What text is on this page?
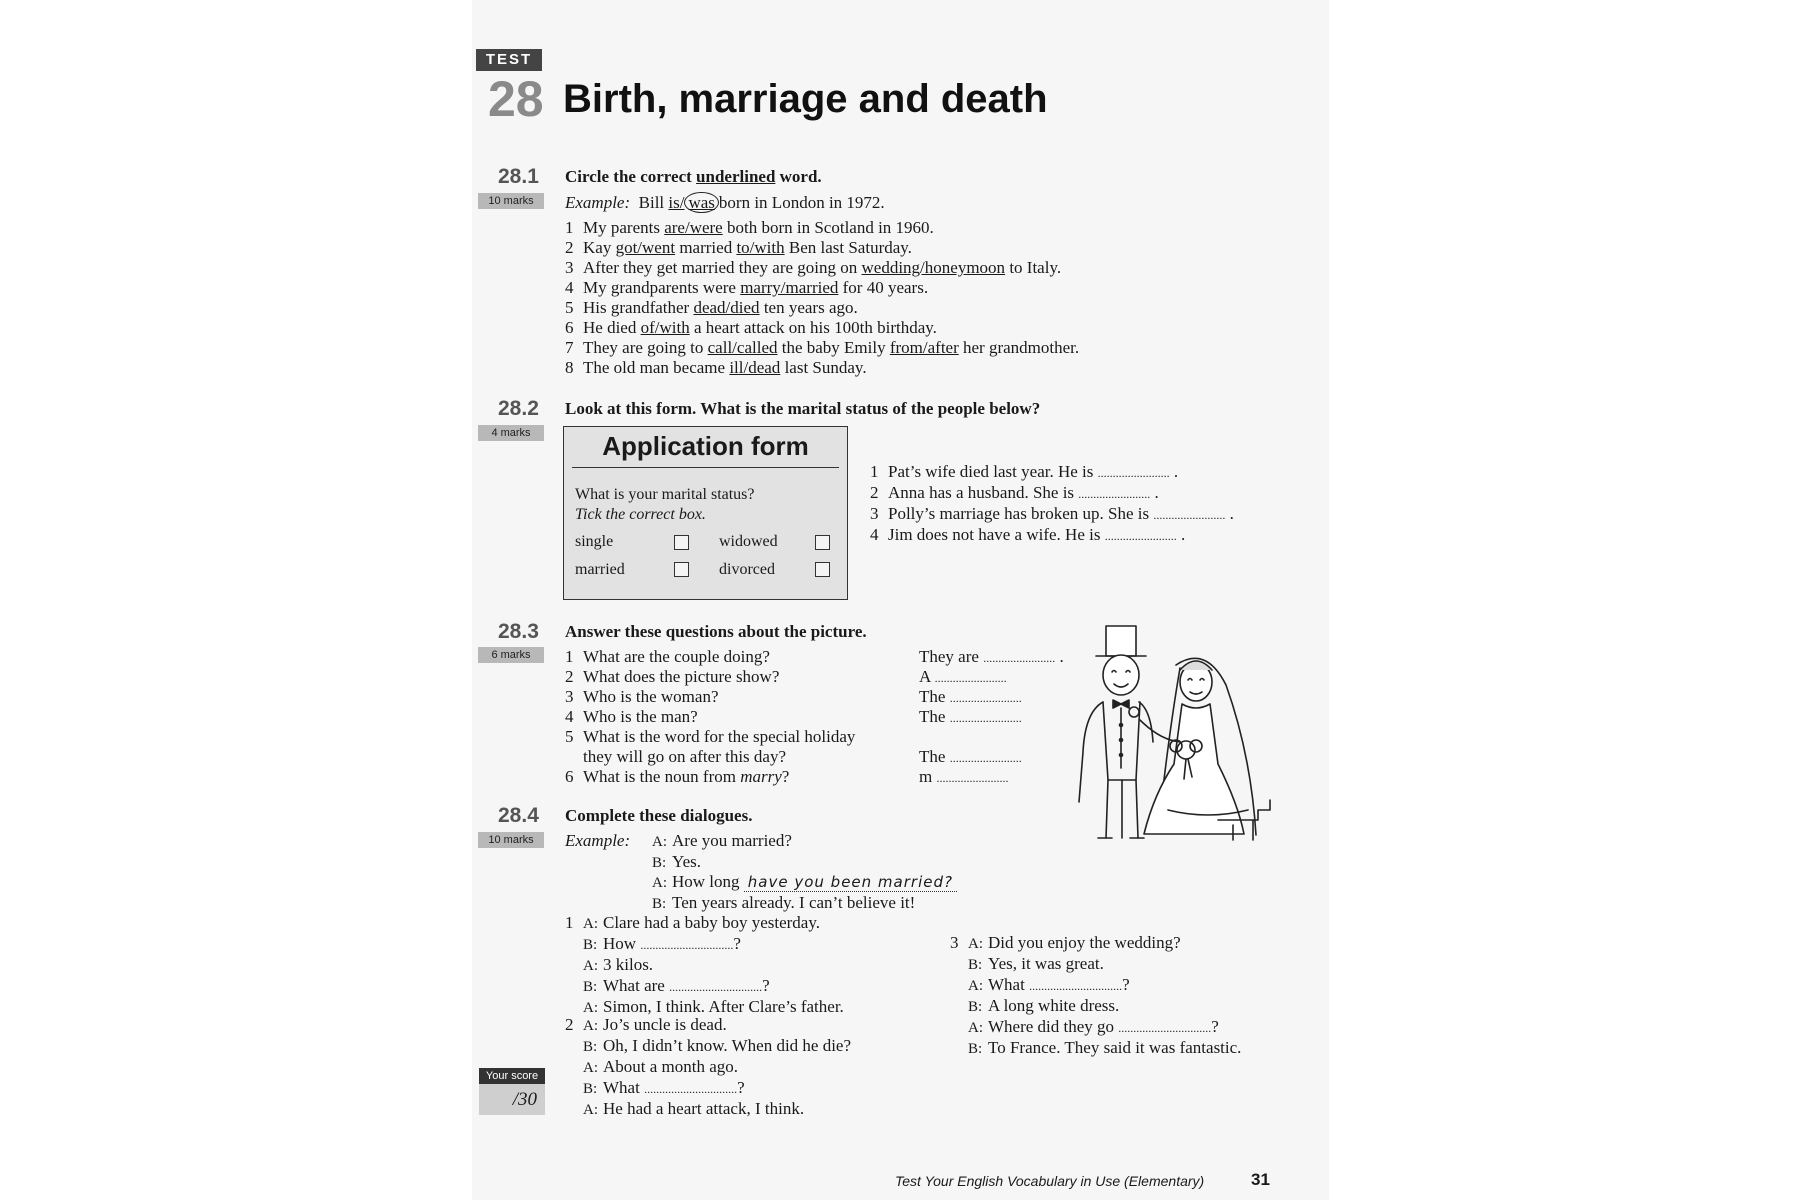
TEST
28 Birth, marriage and death
28.1
10 marks
Circle the correct underlined word.
Example: Bill is/ was born in London in 1972.
1 My parents are/were both born in Scotland in 1960.
2 Kay got/went married to/with Ben last Saturday.
3 After they get married they are going on wedding/honeymoon to Italy.
4 My grandparents were marry/married for 40 years.
5 His grandfather dead/died ten years ago.
6 He died of/with a heart attack on his 100th birthday.
7 They are going to call/called the baby Emily from/after her grandmother.
8 The old man became ill/dead last Sunday.
28.2
4 marks
Look at this form. What is the marital status of the people below?
Application form
What is your marital status?
Tick the correct box.
single	widowed
married	divorced
1 Pat’s wife died last year. He is ........................ .
2 Anna has a husband. She is ........................ .
3 Polly’s marriage has broken up. She is ........................ .
4 Jim does not have a wife. He is ........................ .
28.3
6 marks
Answer these questions about the picture.
1 What are the couple doing?	They are ........................ .
2 What does the picture show?	A ........................
3 Who is the woman?	The ........................
4 Who is the man?	The ........................
5 What is the word for the special holiday
they will go on after this day?	The ........................
6 What is the noun from marry?	m ........................
28.4
10 marks
Complete these dialogues.
Example: A: Are you married?
B: Yes.
A: How long have you been married?
B: Ten years already. I can’t believe it!
1 A: Clare had a baby boy yesterday.
B: How ...............................?
A: 3 kilos.
B: What are ...............................?
A: Simon, I think. After Clare’s father.
2 A: Jo’s uncle is dead.
B: Oh, I didn’t know. When did he die?
A: About a month ago.
B: What ...............................?
A: He had a heart attack, I think.
3 A: Did you enjoy the wedding?
B: Yes, it was great.
A: What ...............................?
B: A long white dress.
A: Where did they go ...............................?
B: To France. They said it was fantastic.
Your score
/30
Test Your English Vocabulary in Use (Elementary)	31
